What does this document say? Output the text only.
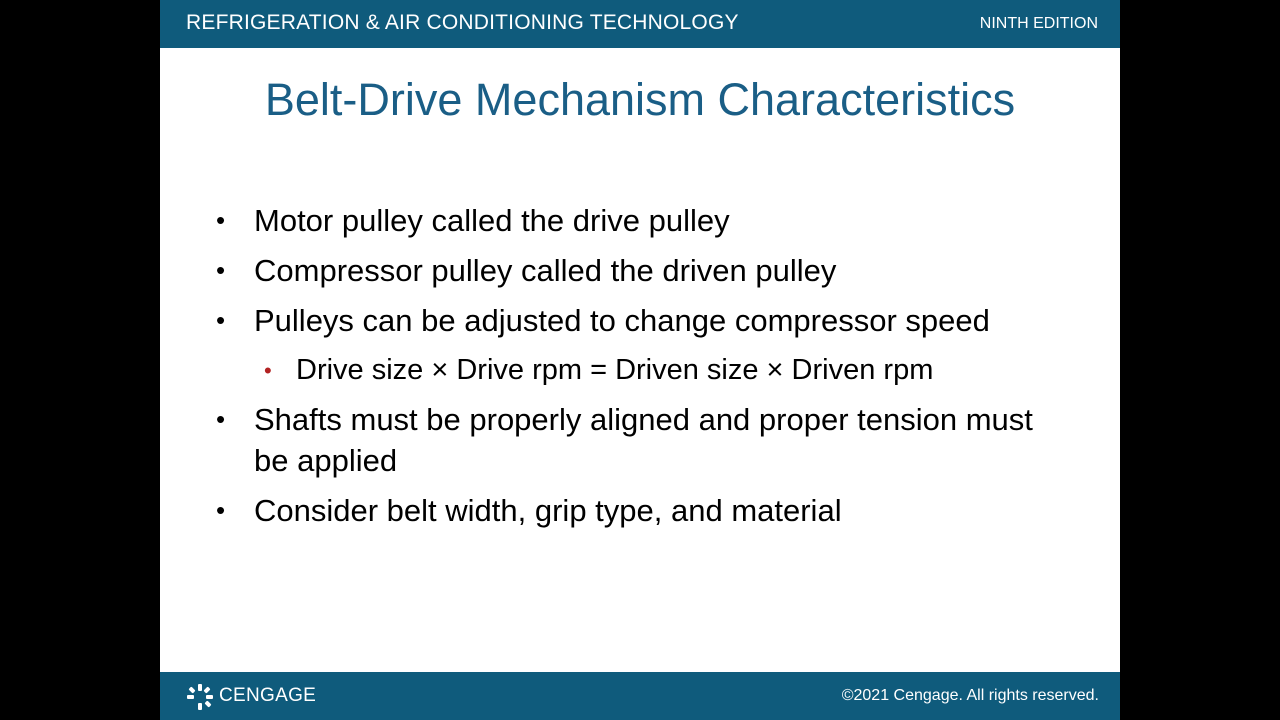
REFRIGERATION & AIR CONDITIONING TECHNOLOGY	NINTH EDITION
Belt-Drive Mechanism Characteristics
• Motor pulley called the drive pulley
• Compressor pulley called the driven pulley
• Pulleys can be adjusted to change compressor speed
• Drive size × Drive rpm = Driven size × Driven rpm
• Shafts must be properly aligned and proper tension must be applied
• Consider belt width, grip type, and material
CENGAGE	©2021 Cengage. All rights reserved.
